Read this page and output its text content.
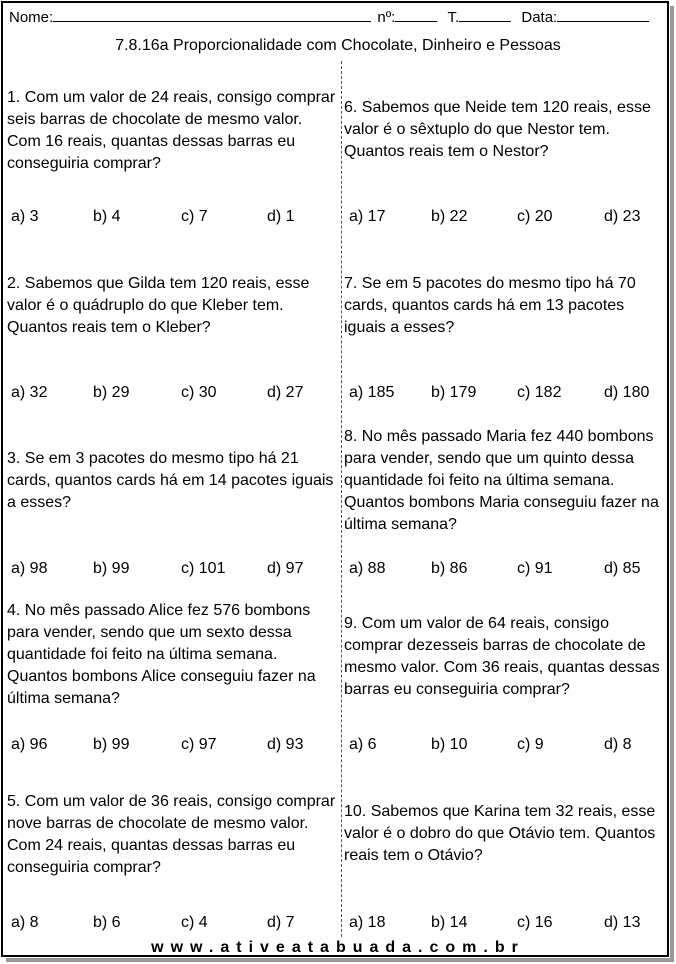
Nome:	nº:	T.	Data:
7.8.16a Proporcionalidade com Chocolate, Dinheiro e Pessoas
1. Com um valor de 24 reais, consigo comprar seis barras de chocolate de mesmo valor. Com 16 reais, quantas dessas barras eu conseguiria comprar?
a) 3	b) 4	c) 7	d) 1
2. Sabemos que Gilda tem 120 reais, esse valor é o quádruplo do que Kleber tem. Quantos reais tem o Kleber?
a) 32	b) 29	c) 30	d) 27
3. Se em 3 pacotes do mesmo tipo há 21 cards, quantos cards há em 14 pacotes iguais a esses?
a) 98	b) 99	c) 101	d) 97
4. No mês passado Alice fez 576 bombons para vender, sendo que um sexto dessa quantidade foi feito na última semana. Quantos bombons Alice conseguiu fazer na última semana?
a) 96	b) 99	c) 97	d) 93
5. Com um valor de 36 reais, consigo comprar nove barras de chocolate de mesmo valor. Com 24 reais, quantas dessas barras eu conseguiria comprar?
a) 8	b) 6	c) 4	d) 7
6. Sabemos que Neide tem 120 reais, esse valor é o sêxtuplo do que Nestor tem. Quantos reais tem o Nestor?
a) 17	b) 22	c) 20	d) 23
7. Se em 5 pacotes do mesmo tipo há 70 cards, quantos cards há em 13 pacotes iguais a esses?
a) 185 b) 179	c) 182	d) 180
8. No mês passado Maria fez 440 bombons para vender, sendo que um quinto dessa quantidade foi feito na última semana. Quantos bombons Maria conseguiu fazer na última semana?
a) 88	b) 86	c) 91	d) 85
9. Com um valor de 64 reais, consigo comprar dezesseis barras de chocolate de mesmo valor. Com 36 reais, quantas dessas barras eu conseguiria comprar?
a) 6	b) 10	c) 9	d) 8
10. Sabemos que Karina tem 32 reais, esse valor é o dobro do que Otávio tem. Quantos reais tem o Otávio?
a) 18	b) 14	c) 16	d) 13
www.ativeatabuada.com.br
